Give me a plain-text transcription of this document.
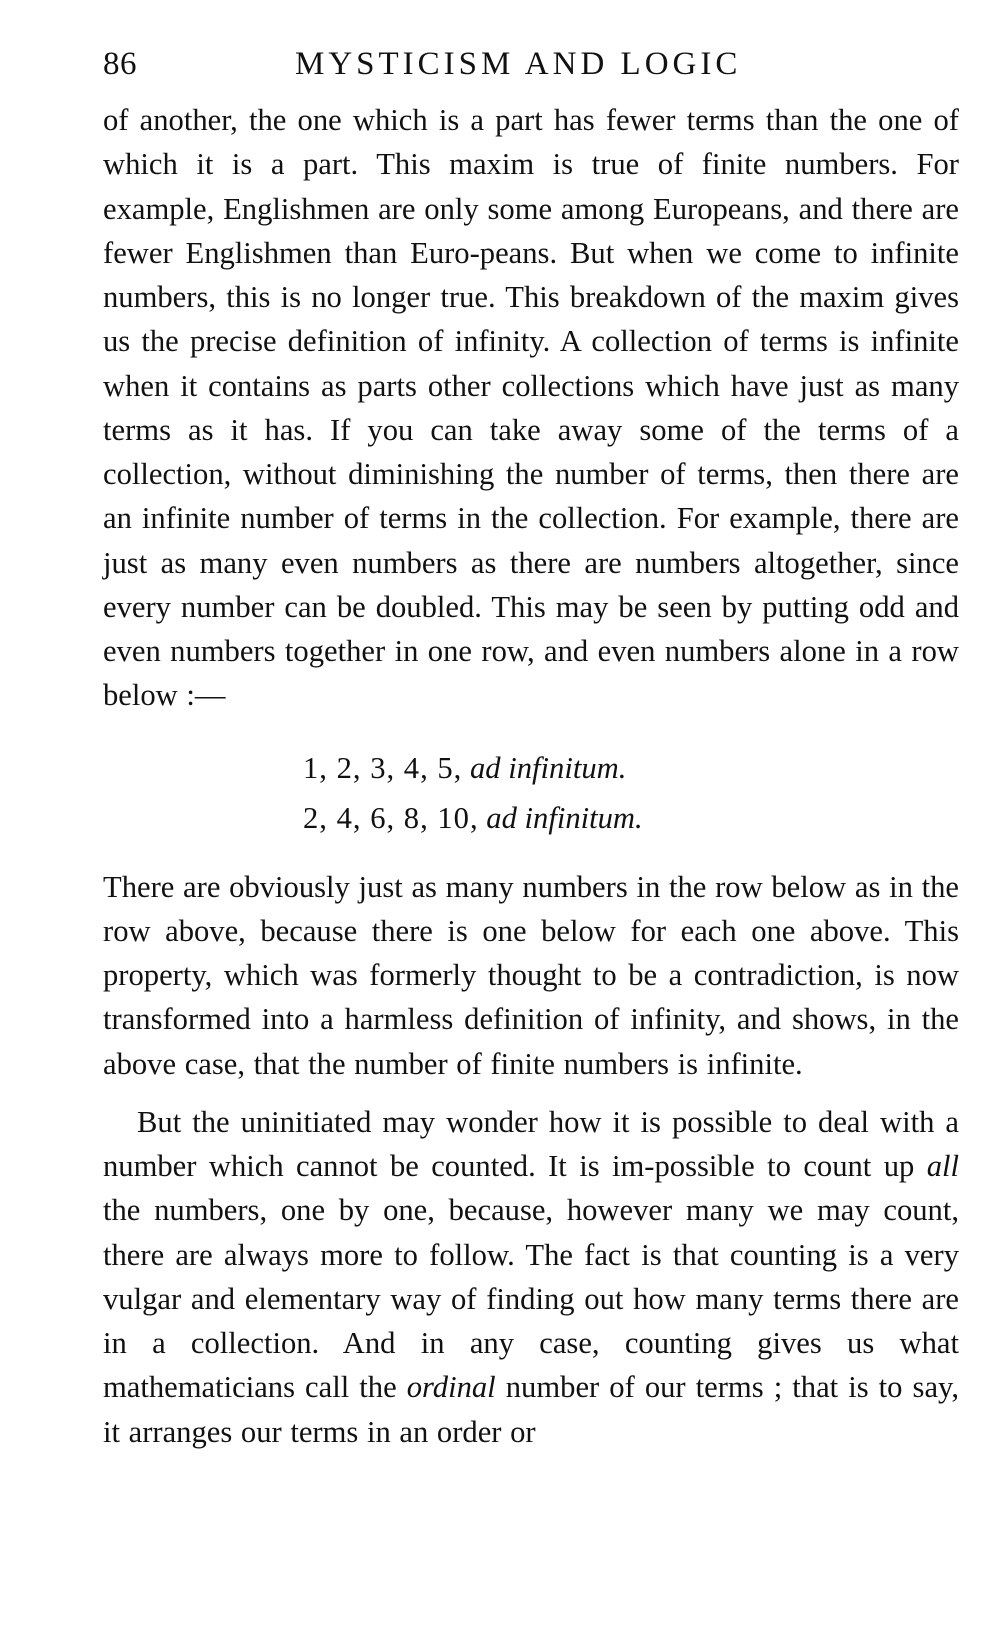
86	MYSTICISM AND LOGIC

of another, the one which is a part has fewer terms than the one of which it is a part. This maxim is true of finite numbers. For example, Englishmen are only some among Europeans, and there are fewer Englishmen than Euro-peans. But when we come to infinite numbers, this is no longer true. This breakdown of the maxim gives us the precise definition of infinity. A collection of terms is infinite when it contains as parts other collections which have just as many terms as it has. If you can take away some of the terms of a collection, without diminishing the number of terms, then there are an infinite number of terms in the collection. For example, there are just as many even numbers as there are numbers altogether, since every number can be doubled. This may be seen by putting odd and even numbers together in one row, and even numbers alone in a row below :—

1, 2, 3, 4, 5, ad infinitum.
2, 4, 6, 8, 10, ad infinitum.

There are obviously just as many numbers in the row below as in the row above, because there is one below for each one above. This property, which was formerly thought to be a contradiction, is now transformed into a harmless definition of infinity, and shows, in the above case, that the number of finite numbers is infinite.

But the uninitiated may wonder how it is possible to deal with a number which cannot be counted. It is im-possible to count up all the numbers, one by one, because, however many we may count, there are always more to follow. The fact is that counting is a very vulgar and elementary way of finding out how many terms there are in a collection. And in any case, counting gives us what mathematicians call the ordinal number of our terms ; that is to say, it arranges our terms in an order or
